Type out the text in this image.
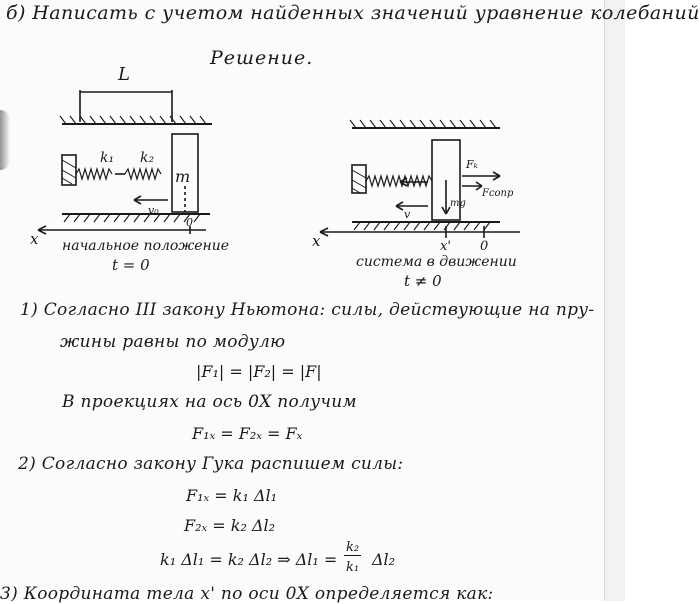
б) Написать с учетом найденных значений уравнение колебаний
Решение.
L
k₁ k₂
m
v₀
x
0
начальное положение
t = 0
Fₖ
Fсопр
v
mg
x	x' 0
система в движении
t ≠ 0
1) Согласно III закону Ньютона: силы, действующие на пру-
жины равны по модулю
|F₁| = |F₂| = |F|
В проекциях на ось 0X получим
F₁ₓ = F₂ₓ = Fₓ
2) Согласно закону Гука распишем силы:
F₁ₓ = k₁ Δl₁
F₂ₓ = k₂ Δl₂
k₁ Δl₁ = k₂ Δl₂ ⇒ Δl₁ =
k₂
k₁ Δl₂
3) Координата тела x' по оси 0X определяется как:
